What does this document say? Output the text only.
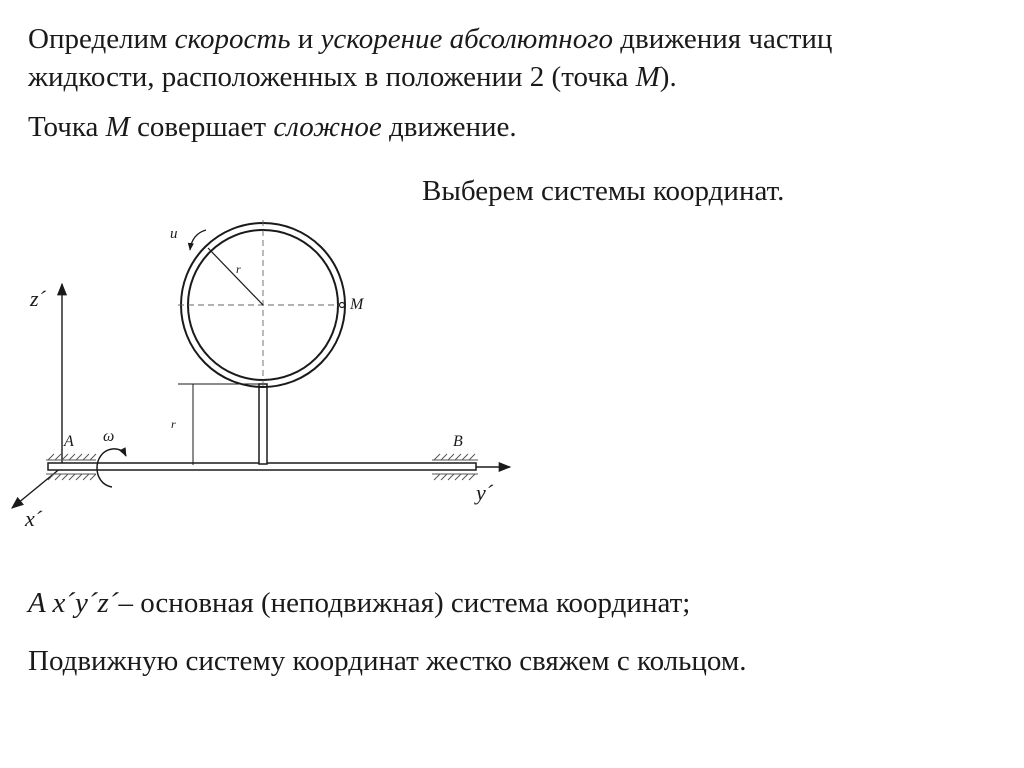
Определим скорость и ускорение абсолютного движения частиц
жидкости, расположенных в положении 2 (точка M).
Точка M совершает сложное движение.
Выберем системы координат.
A x´y´z´– основная (неподвижная) система координат;
Подвижную систему координат жестко свяжем с кольцом.
u
r
M
z´
r
A ω	B
y´
x´
